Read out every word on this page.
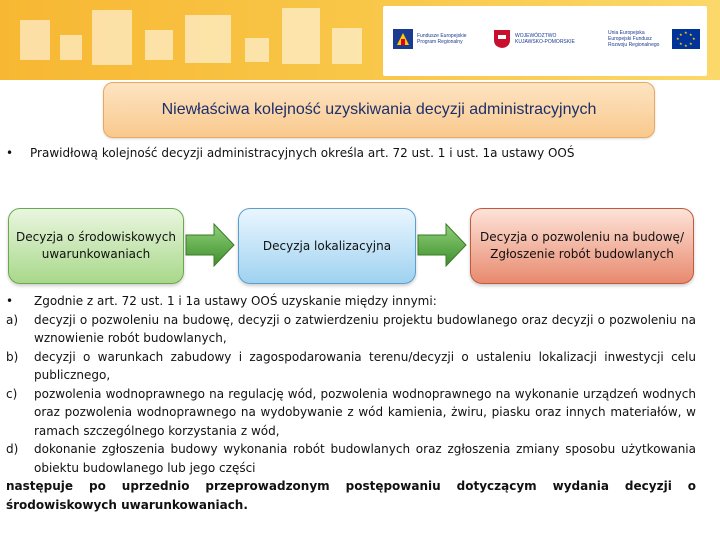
Fundusze Europejskie
Program Regionalny
WOJEWÓDZTWO KUJAWSKO-POMORSKIE
Unia Europejska
Europejski Fundusz Rozwoju Regionalnego
★ ★
★
★
★
★
★
★
Niewłaściwa kolejność uzyskiwania decyzji administracyjnych
• Prawidłową kolejność decyzji administracyjnych określa art. 72 ust. 1 i ust. 1a ustawy OOŚ
Decyzja o środowiskowych uwarunkowaniach
Decyzja lokalizacyjna
Decyzja o pozwoleniu na budowę/ Zgłoszenie robót budowlanych
•	Zgodnie z art. 72 ust. 1 i 1a ustawy OOŚ uzyskanie między innymi:
a)	decyzji o pozwoleniu na budowę, decyzji o zatwierdzeniu projektu budowlanego oraz decyzji o pozwoleniu na wznowienie robót budowlanych,
b)	decyzji o warunkach zabudowy i zagospodarowania terenu/decyzji o ustaleniu lokalizacji inwestycji celu publicznego,
c)	pozwolenia wodnoprawnego na regulację wód, pozwolenia wodnoprawnego na wykonanie urządzeń wodnych oraz pozwolenia wodnoprawnego na wydobywanie z wód kamienia, żwiru, piasku oraz innych materiałów, w ramach szczególnego korzystania z wód,
d)	dokonanie zgłoszenia budowy wykonania robót budowlanych oraz zgłoszenia zmiany sposobu użytkowania obiektu budowlanego lub jego części
następuje po uprzednio przeprowadzonym postępowaniu dotyczącym wydania decyzji o środowiskowych uwarunkowaniach.
